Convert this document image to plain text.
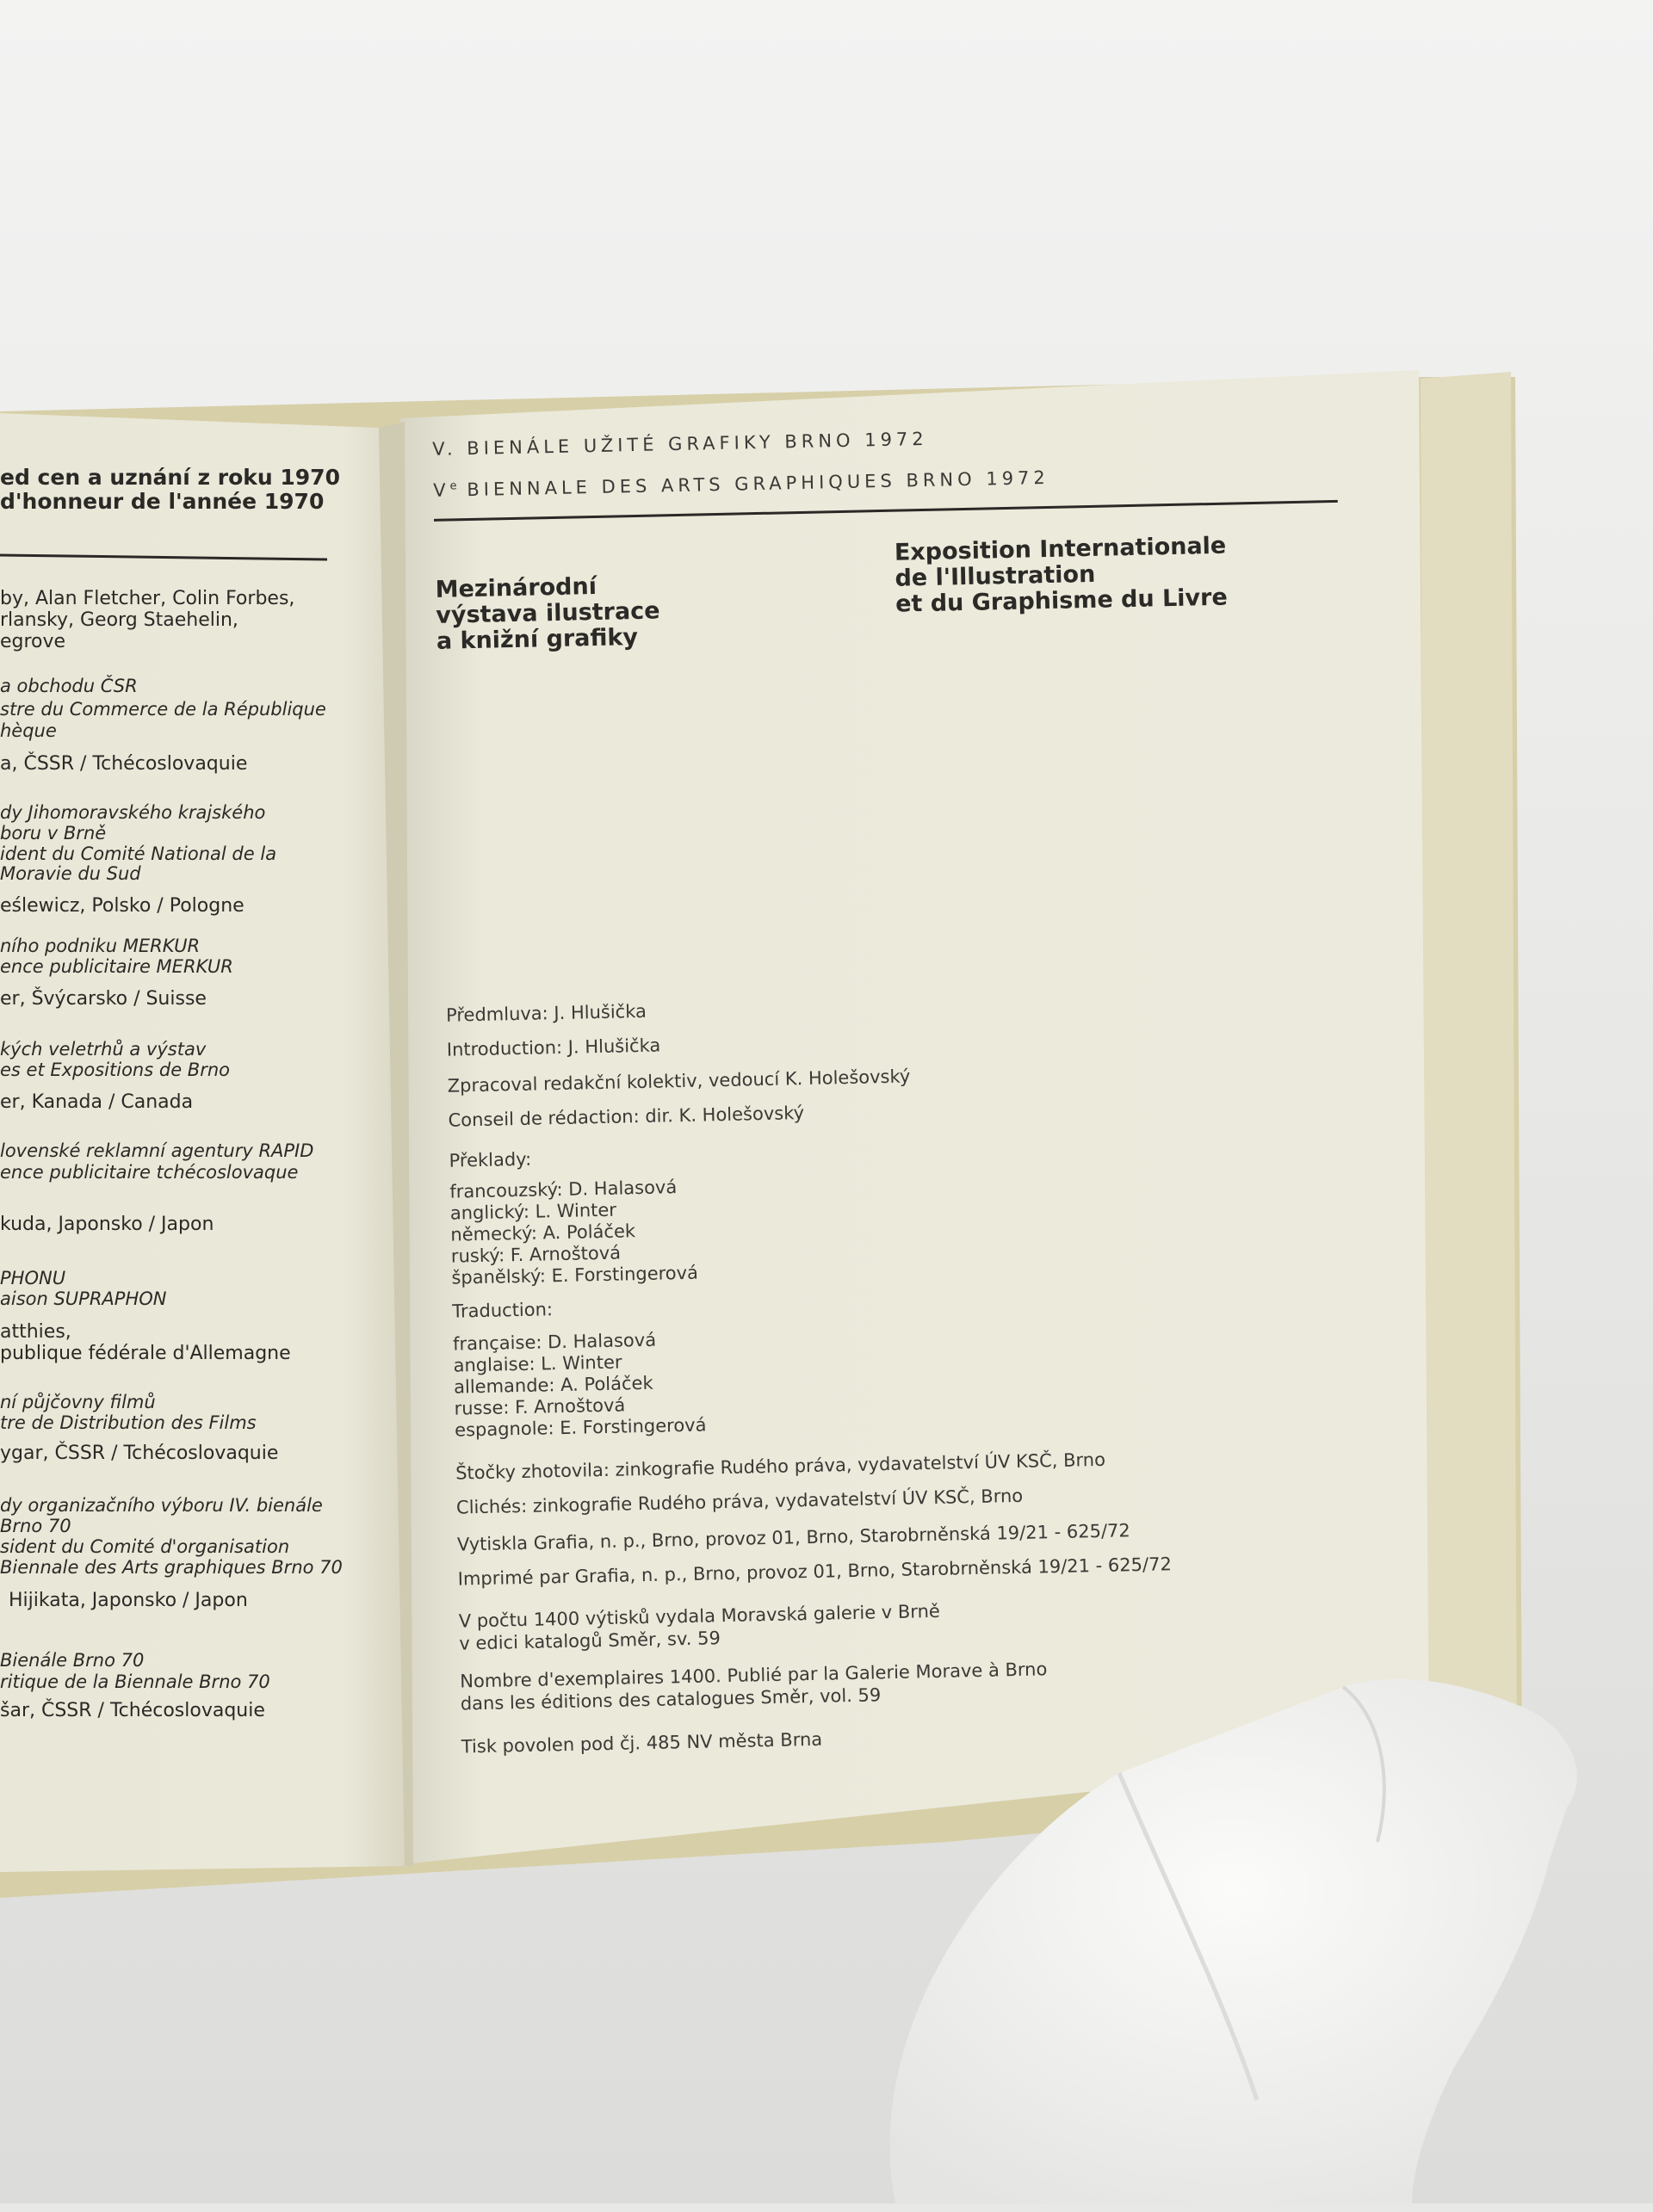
ed cen a uznání z roku 1970
d'honneur de l'année 1970
by, Alan Fletcher, Colin Forbes,
rlansky, Georg Staehelin,
egrove
a obchodu ČSR
stre du Commerce de la République
hèque
a, ČSSR / Tchécoslovaquie
dy Jihomoravského krajského
boru v Brně
ident du Comité National de la
Moravie du Sud
eślewicz, Polsko / Pologne
ního podniku MERKUR
ence publicitaire MERKUR
er, Švýcarsko / Suisse
kých veletrhů a výstav
es et Expositions de Brno
er, Kanada / Canada
lovenské reklamní agentury RAPID
ence publicitaire tchécoslovaque
kuda, Japonsko / Japon
PHONU
aison SUPRAPHON
atthies,
publique fédérale d'Allemagne
ní půjčovny filmů
tre de Distribution des Films
ygar, ČSSR / Tchécoslovaquie
dy organizačního výboru IV. bienále
Brno 70
sident du Comité d'organisation
Biennale des Arts graphiques Brno 70
Hijikata, Japonsko / Japon
Bienále Brno 70
ritique de la Biennale Brno 70
šar, ČSSR / Tchécoslovaquie
V. BIENÁLE UŽITÉ GRAFIKY BRNO 1972
Ve BIENNALE DES ARTS GRAPHIQUES BRNO 1972
Mezinárodní
výstava ilustrace
a knižní grafiky
Exposition Internationale
de l'Illustration
et du Graphisme du Livre
Předmluva: J. Hlušička
Introduction: J. Hlušička
Zpracoval redakční kolektiv, vedoucí K. Holešovský
Conseil de rédaction: dir. K. Holešovský
Překlady:
francouzský: D. Halasová
anglický: L. Winter
německý: A. Poláček
ruský: F. Arnoštová
španělský: E. Forstingerová
Traduction:
française: D. Halasová
anglaise: L. Winter
allemande: A. Poláček
russe: F. Arnoštová
espagnole: E. Forstingerová
Štočky zhotovila: zinkografie Rudého práva, vydavatelství ÚV KSČ, Brno
Clichés: zinkografie Rudého práva, vydavatelství ÚV KSČ, Brno
Vytiskla Grafia, n. p., Brno, provoz 01, Brno, Starobrněnská 19/21 - 625/72
Imprimé par Grafia, n. p., Brno, provoz 01, Brno, Starobrněnská 19/21 - 625/72
V počtu 1400 výtisků vydala Moravská galerie v Brně
v edici katalogů Směr, sv. 59
Nombre d'exemplaires 1400. Publié par la Galerie Morave à Brno
dans les éditions des catalogues Směr, vol. 59
Tisk povolen pod čj. 485 NV města Brna
